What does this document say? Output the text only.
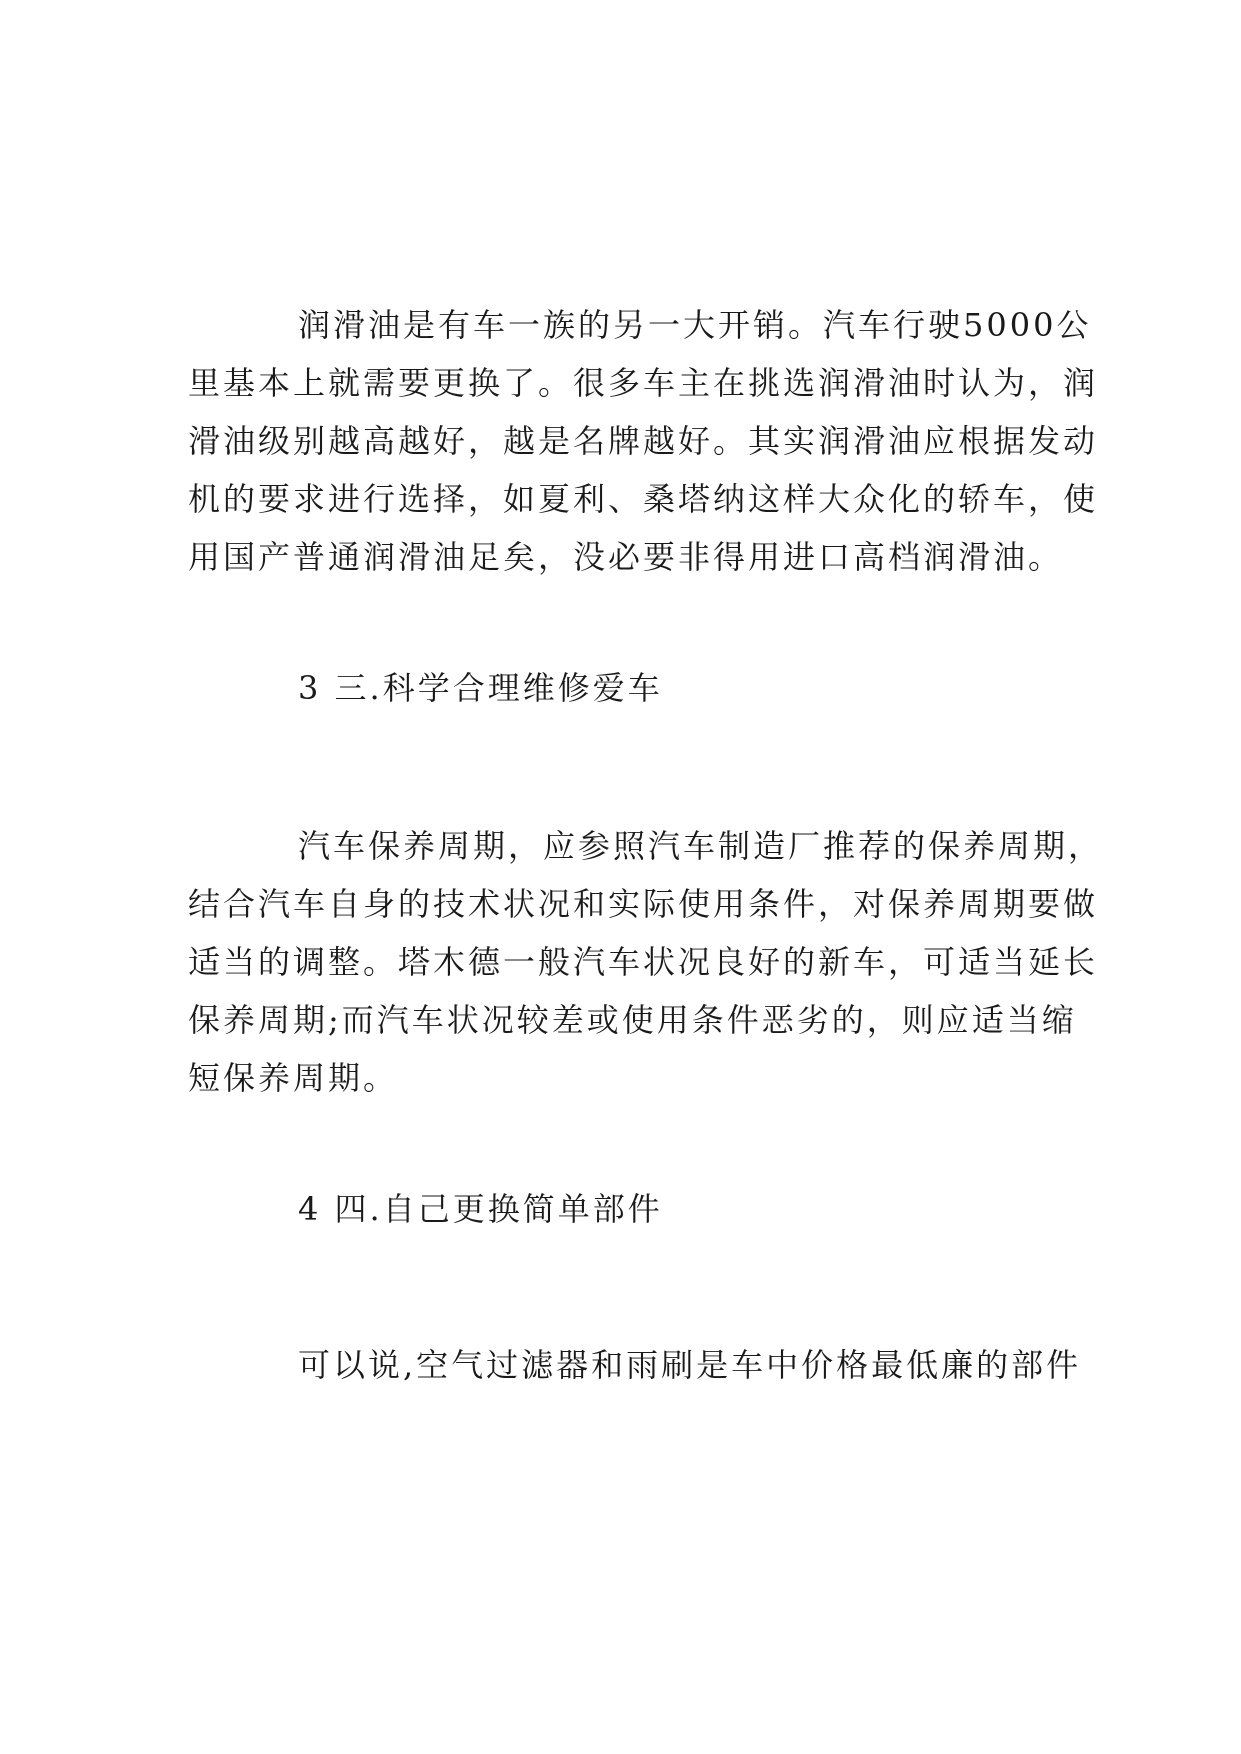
润滑油是有车一族的另一大开销。汽车行驶5000公
里基本上就需要更换了。很多车主在挑选润滑油时认为，润
滑油级别越高越好，越是名牌越好。其实润滑油应根据发动
机的要求进行选择，如夏利、桑塔纳这样大众化的轿车，使
用国产普通润滑油足矣，没必要非得用进口高档润滑油。
3 三.科学合理维修爱车
汽车保养周期，应参照汽车制造厂推荐的保养周期，
结合汽车自身的技术状况和实际使用条件，对保养周期要做
适当的调整。塔木德一般汽车状况良好的新车，可适当延长
保养周期;而汽车状况较差或使用条件恶劣的，则应适当缩
短保养周期。
4 四.自己更换简单部件
可以说,空气过滤器和雨刷是车中价格最低廉的部件
